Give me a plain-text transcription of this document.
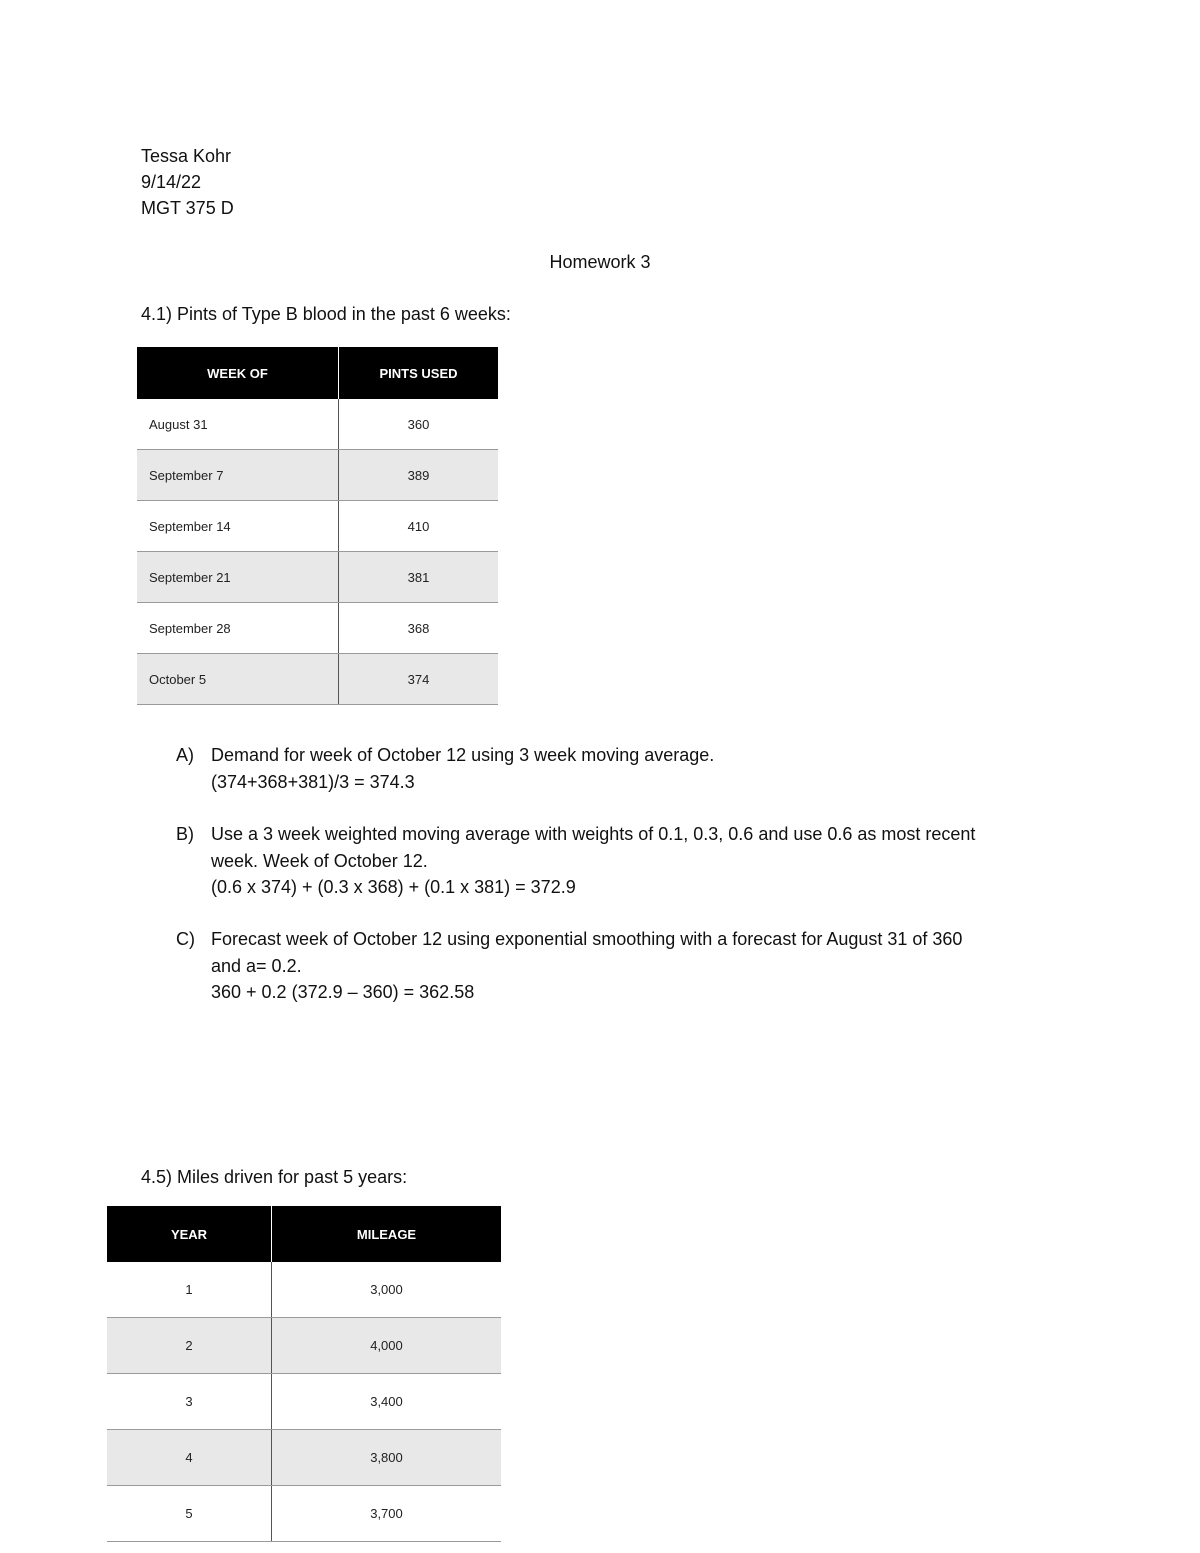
Tessa Kohr
9/14/22
MGT 375 D
Homework 3
4.1) Pints of Type B blood in the past 6 weeks:
WEEK OF	PINTS USED
August 31	360
September 7	389
September 14	410
September 21	381
September 28	368
October 5	374
A) Demand for week of October 12 using 3 week moving average.
(374+368+381)/3 = 374.3
B) Use a 3 week weighted moving average with weights of 0.1, 0.3, 0.6 and use 0.6 as most recent
week. Week of October 12.
(0.6 x 374) + (0.3 x 368) + (0.1 x 381) = 372.9
C) Forecast week of October 12 using exponential smoothing with a forecast for August 31 of 360
and a= 0.2.
360 + 0.2 (372.9 – 360) = 362.58
4.5) Miles driven for past 5 years:
YEAR	MILEAGE
1	3,000
2	4,000
3	3,400
4	3,800
5	3,700
